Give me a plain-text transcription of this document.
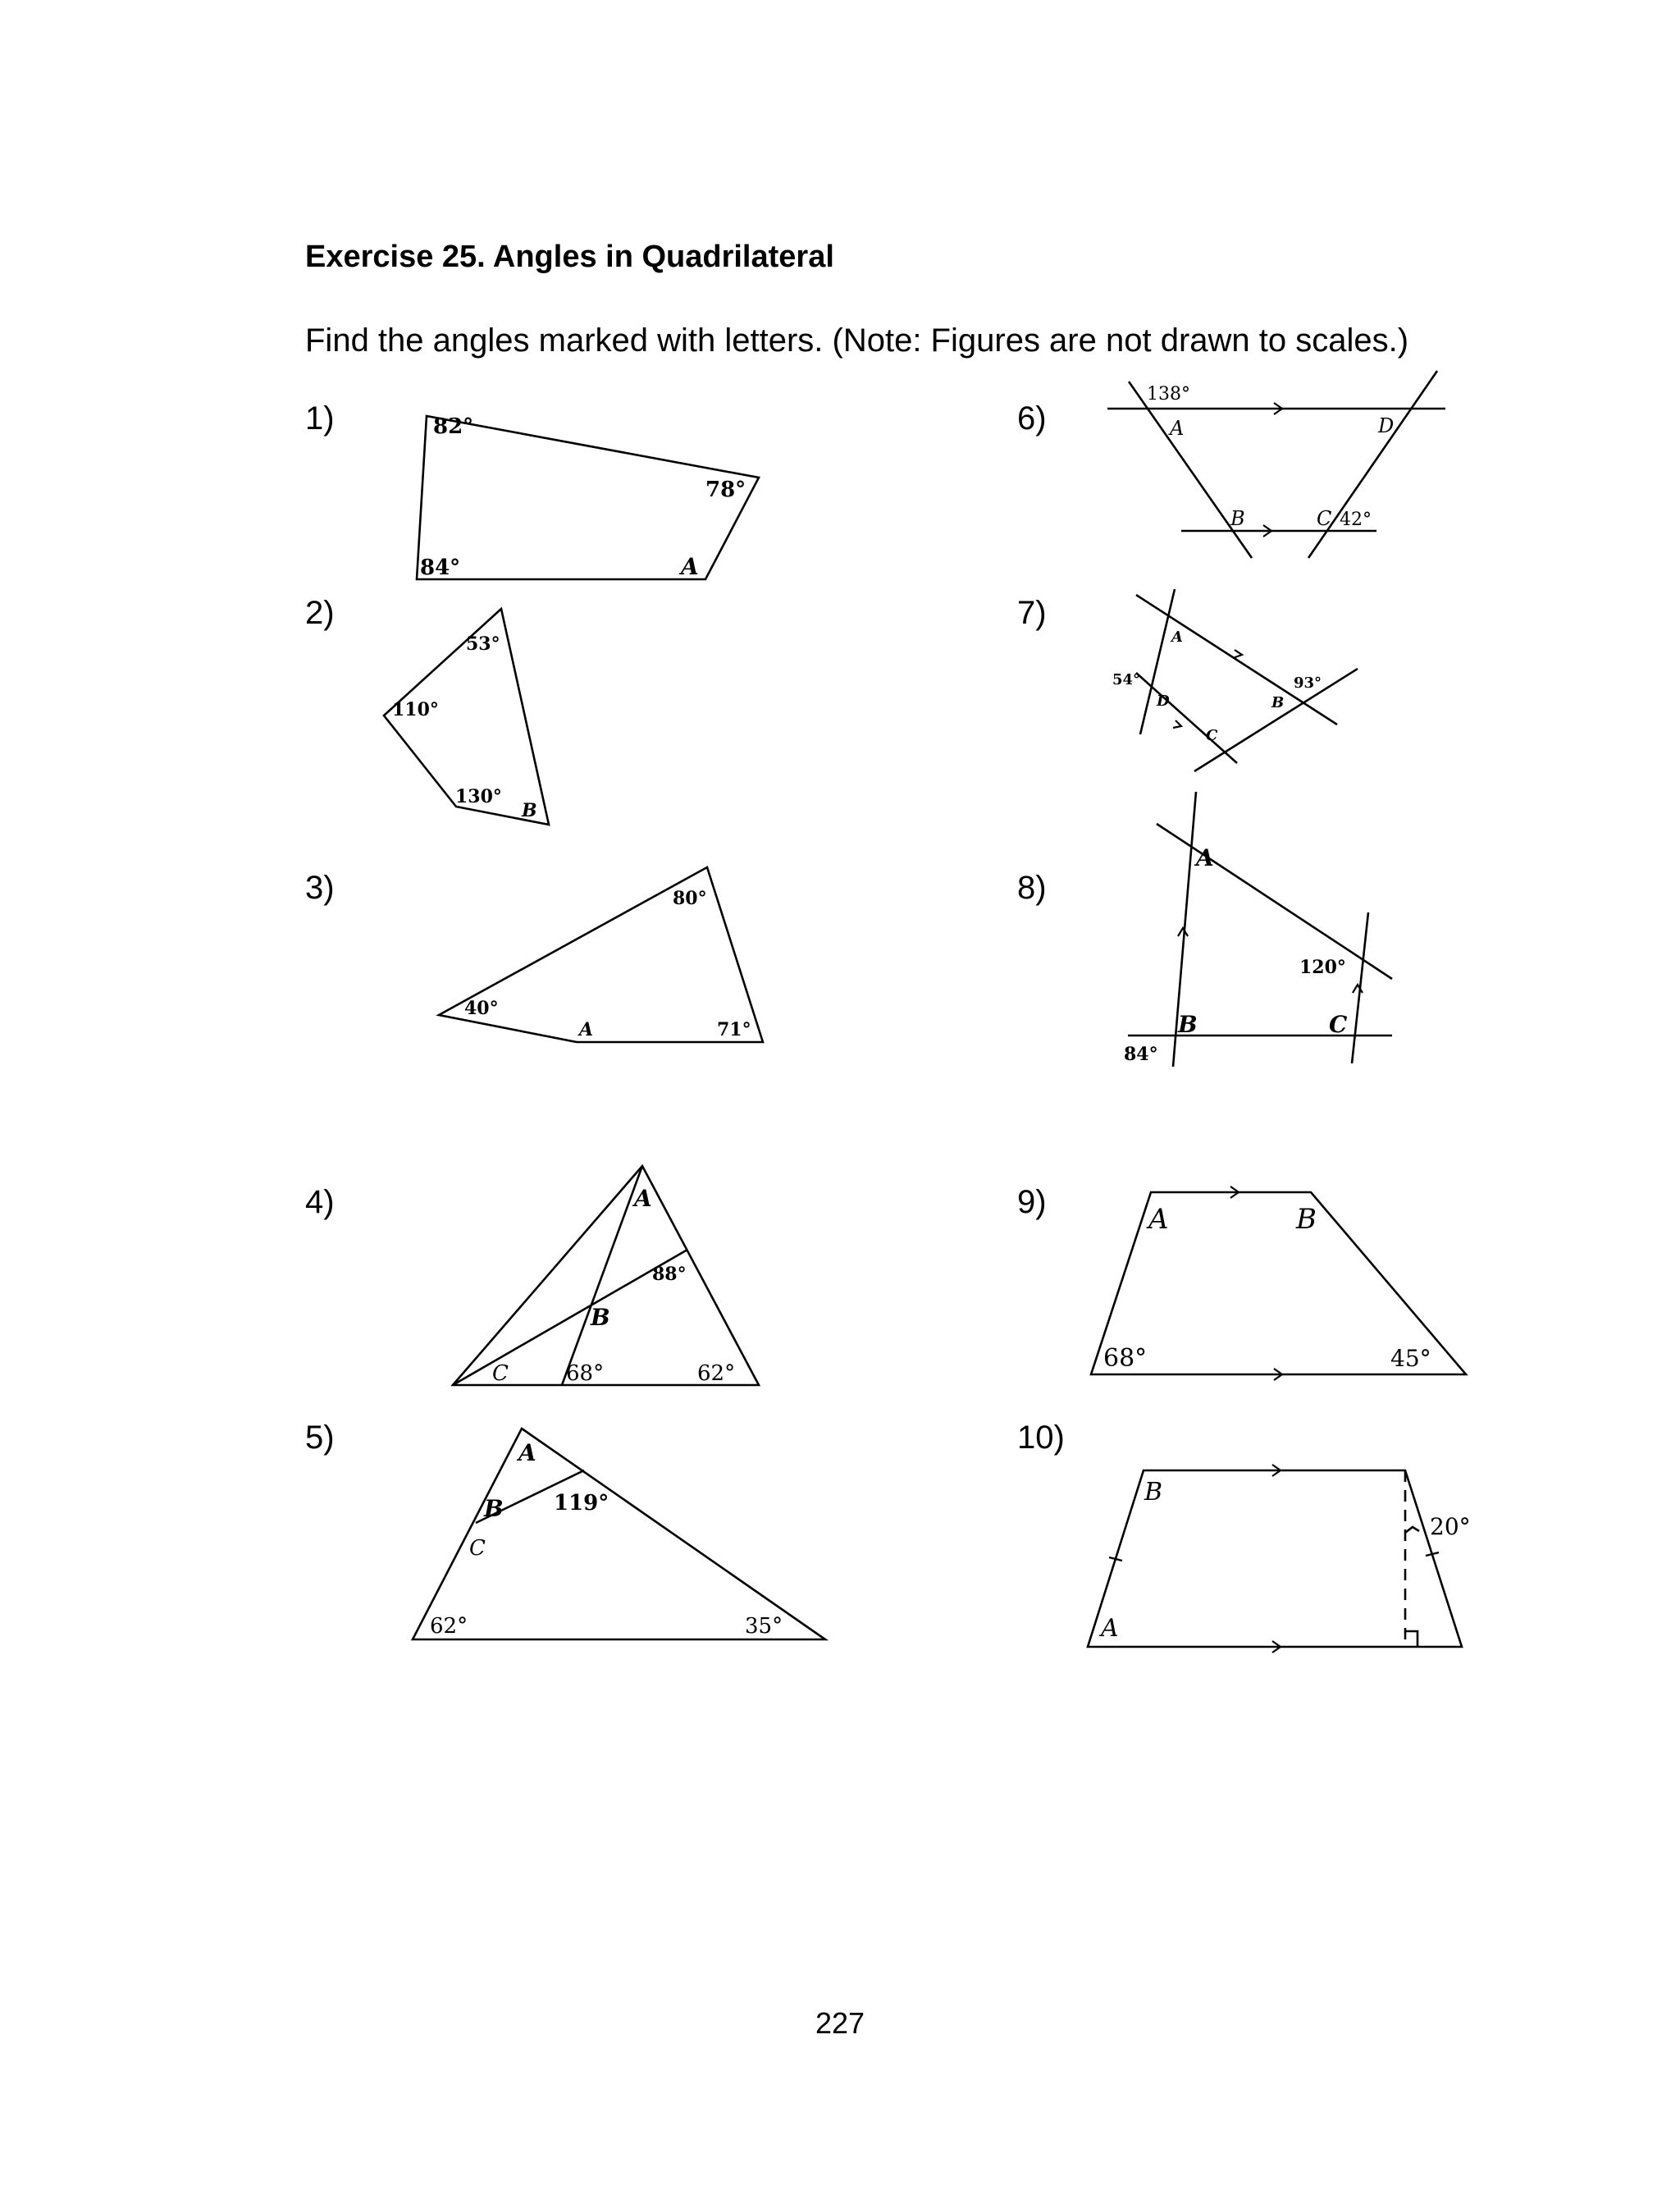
Exercise 25. Angles in Quadrilateral
Find the angles marked with letters. (Note: Figures are not drawn to scales.)
1)
2)
3)
4)
5)
6)
7)
8)
9)
10)
227
82°
78°
84°	A
53°
110°
130°
B
80°
40°
A	71°
A
88°
B
C	68°	62°
A
B 119°
C
62°	35°
138°
A	D
B	C 42°
A
54°
D
93°
B
C
A
120°
B	C
84°
A	B
68°	45°
B
20°
A
